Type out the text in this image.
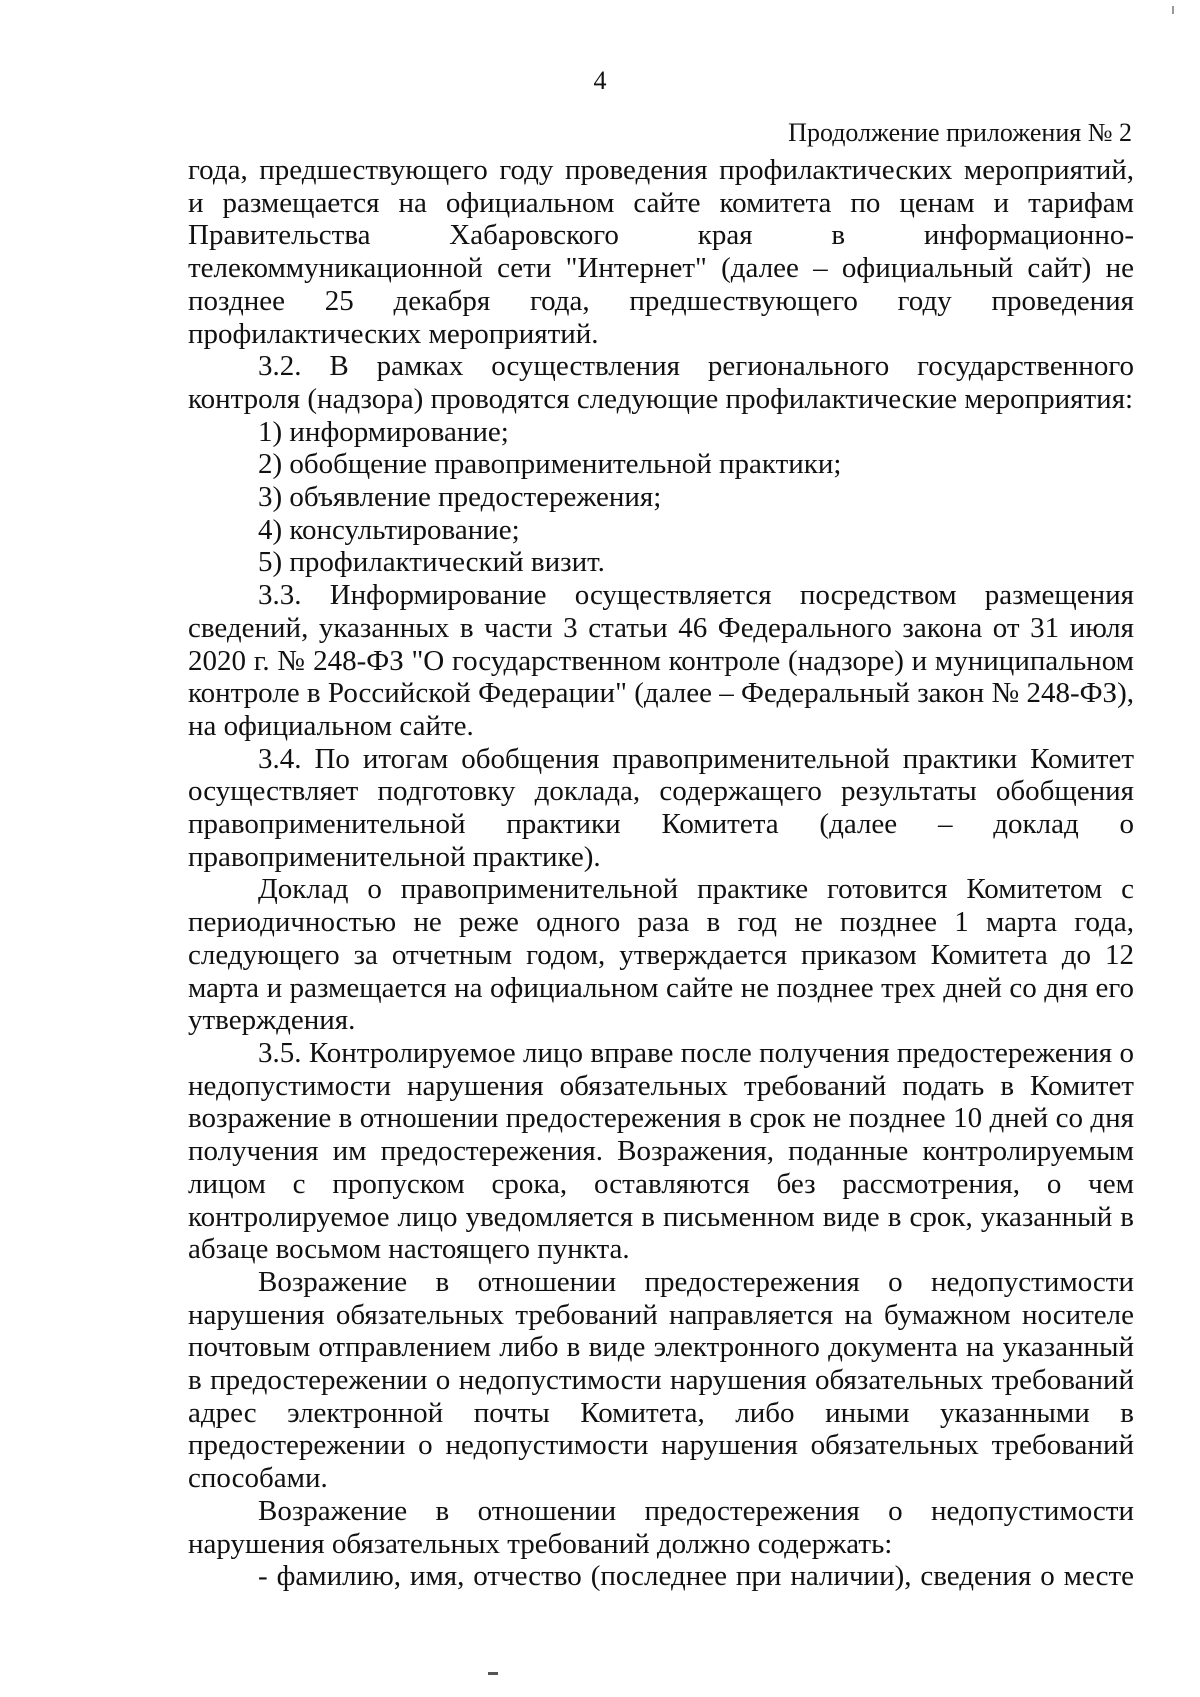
4
Продолжение приложения № 2

года, предшествующего году проведения профилактических мероприятий, и размещается на официальном сайте комитета по ценам и тарифам Правительства Хабаровского края в информационно-телекоммуникационной сети "Интернет" (далее – официальный сайт) не позднее 25 декабря года, предшествующего году проведения профилактических мероприятий.

3.2. В рамках осуществления регионального государственного контроля (надзора) проводятся следующие профилактические мероприятия:

1) информирование;

2) обобщение правоприменительной практики;

3) объявление предостережения;

4) консультирование;

5) профилактический визит.

3.3. Информирование осуществляется посредством размещения сведений, указанных в части 3 статьи 46 Федерального закона от 31 июля 2020 г. № 248-ФЗ "О государственном контроле (надзоре) и муниципальном контроле в Российской Федерации" (далее – Федеральный закон № 248-ФЗ), на официальном сайте.

3.4. По итогам обобщения правоприменительной практики Комитет осуществляет подготовку доклада, содержащего результаты обобщения правоприменительной практики Комитета (далее – доклад о правоприменительной практике).

Доклад о правоприменительной практике готовится Комитетом с периодичностью не реже одного раза в год не позднее 1 марта года, следующего за отчетным годом, утверждается приказом Комитета до 12 марта и размещается на официальном сайте не позднее трех дней со дня его утверждения.

3.5. Контролируемое лицо вправе после получения предостережения о недопустимости нарушения обязательных требований подать в Комитет возражение в отношении предостережения в срок не позднее 10 дней со дня получения им предостережения. Возражения, поданные контролируемым лицом с пропуском срока, оставляются без рассмотрения, о чем контролируемое лицо уведомляется в письменном виде в срок, указанный в абзаце восьмом настоящего пункта.

Возражение в отношении предостережения о недопустимости нарушения обязательных требований направляется на бумажном носителе почтовым отправлением либо в виде электронного документа на указанный в предостережении о недопустимости нарушения обязательных требований адрес электронной почты Комитета, либо иными указанными в предостережении о недопустимости нарушения обязательных требований способами.

Возражение в отношении предостережения о недопустимости нарушения обязательных требований должно содержать:

- фамилию, имя, отчество (последнее при наличии), сведения о месте
